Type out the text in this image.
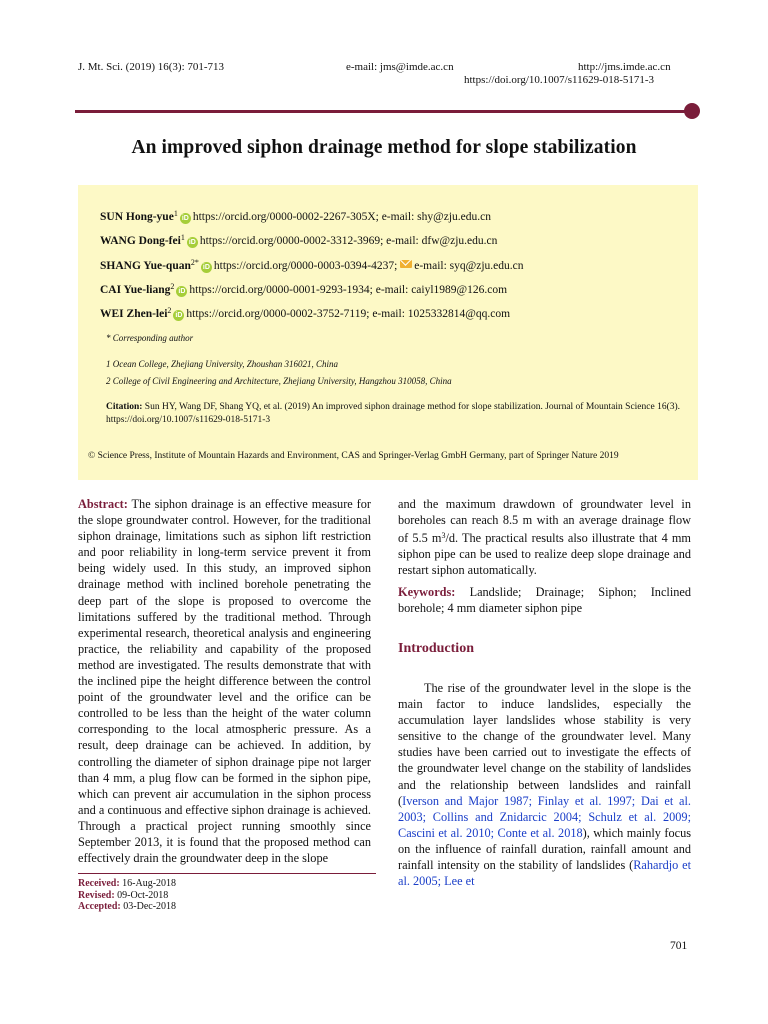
J. Mt. Sci. (2019) 16(3): 701-713	e-mail: jms@imde.ac.cn	http://jms.imde.ac.cn
https://doi.org/10.1007/s11629-018-5171-3
An improved siphon drainage method for slope stabilization
SUN Hong-yue$^1$iD https://orcid.org/0000-0002-2267-305X; e-mail: shy@zju.edu.cn
WANG Dong-fei$^1$iD https://orcid.org/0000-0002-3312-3969; e-mail: dfw@zju.edu.cn
SHANG Yue-quan$^{2*}$iD https://orcid.org/0000-0003-0394-4237; e-mail: syq@zju.edu.cn
CAI Yue-liang$^2$iD https://orcid.org/0000-0001-9293-1934; e-mail: caiyl1989@126.com
WEI Zhen-lei$^2$iD https://orcid.org/0000-0002-3752-7119; e-mail: 1025332814@qq.com
* Corresponding author
1 Ocean College, Zhejiang University, Zhoushan 316021, China
2 College of Civil Engineering and Architecture, Zhejiang University, Hangzhou 310058, China
Citation: Sun HY, Wang DF, Shang YQ, et al. (2019) An improved siphon drainage method for slope stabilization. Journal of Mountain Science 16(3). https://doi.org/10.1007/s11629-018-5171-3
© Science Press, Institute of Mountain Hazards and Environment, CAS and Springer-Verlag GmbH Germany, part of Springer Nature 2019
Abstract: The siphon drainage is an effective measure for the slope groundwater control. However, for the traditional siphon drainage, limitations such as siphon lift restriction and poor reliability in long-term service prevent it from being widely used. In this study, an improved siphon drainage method with inclined borehole penetrating the deep part of the slope is proposed to overcome the limitations suffered by the traditional method. Through experimental research, theoretical analysis and engineering practice, the reliability and capability of the proposed method are investigated. The results demonstrate that with the inclined pipe the height difference between the control point of the groundwater level and the orifice can be controlled to be less than the height of the water column corresponding to the local atmospheric pressure. As a result, deep drainage can be achieved. In addition, by controlling the diameter of siphon drainage pipe not larger than 4 mm, a plug flow can be formed in the siphon pipe, which can prevent air accumulation in the siphon process and a continuous and effective siphon drainage is achieved. Through a practical project running smoothly since September 2013, it is found that the proposed method can effectively drain the groundwater deep in the slope
and the maximum drawdown of groundwater level in boreholes can reach 8.5 m with an average drainage flow of 5.5 $m^3/d$. The practical results also illustrate that 4 mm siphon pipe can be used to realize deep slope drainage and restart siphon automatically.
Keywords: Landslide; Drainage; Siphon; Inclined borehole; 4 mm diameter siphon pipe
Introduction
The rise of the groundwater level in the slope is the main factor to induce landslides, especially the accumulation layer landslides whose stability is very sensitive to the change of the groundwater level. Many studies have been carried out to investigate the effects of the groundwater level change on the stability of landslides and the relationship between landslides and rainfall (Iverson and Major 1987; Finlay et al. 1997; Dai et al. 2003; Collins and Znidarcic 2004; Schulz et al. 2009; Cascini et al. 2010; Conte et al. 2018), which mainly focus on the influence of rainfall duration, rainfall amount and rainfall intensity on the stability of landslides (Rahardjo et al. 2005; Lee et
Received: 16-Aug-2018
Revised: 09-Oct-2018
Accepted: 03-Dec-2018
701
